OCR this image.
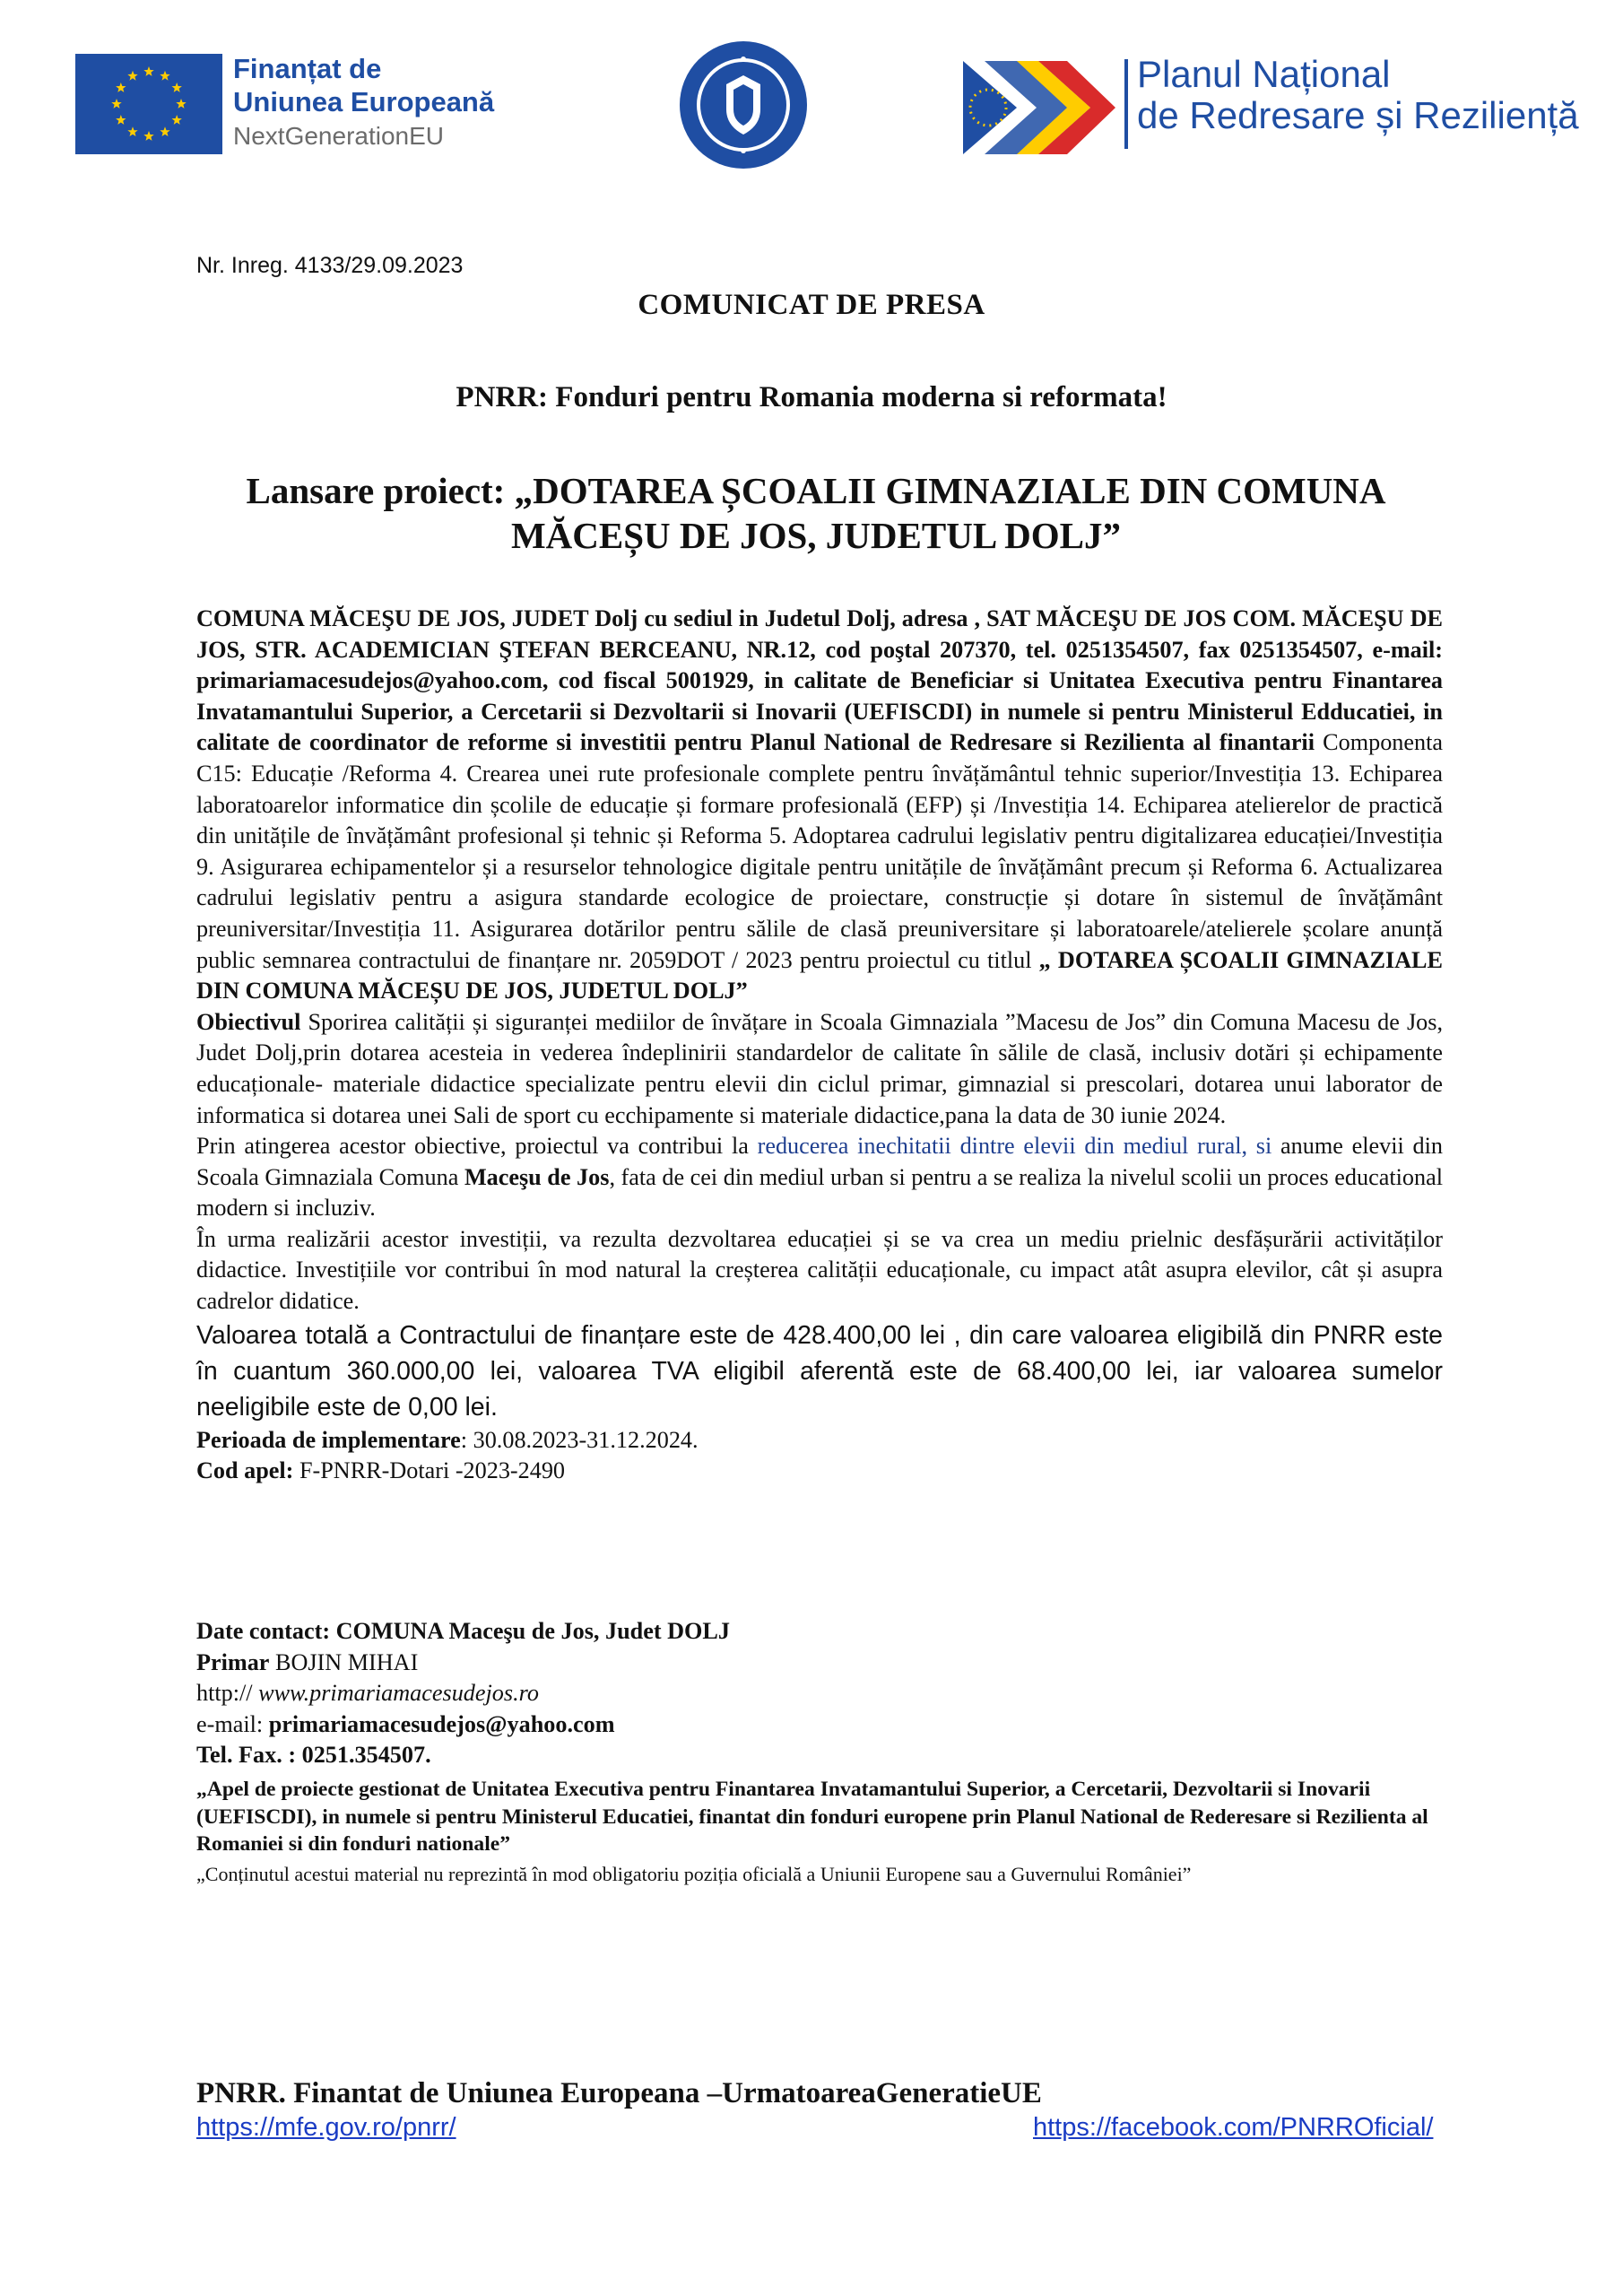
Finanțat de
Uniunea Europeană
NextGenerationEU
Planul Național
de Redresare și Reziliență
Nr. Inreg. 4133/29.09.2023
COMUNICAT DE PRESA
PNRR: Fonduri pentru Romania moderna si reformata!
Lansare proiect: „DOTAREA ȘCOALII GIMNAZIALE DIN COMUNA
MĂCEȘU DE JOS, JUDETUL DOLJ”

COMUNA MĂCEŞU DE JOS, JUDET Dolj cu sediul in Judetul Dolj, adresa , SAT MĂCEŞU DE JOS COM. MĂCEŞU DE JOS, STR. ACADEMICIAN ŞTEFAN BERCEANU, NR.12, cod poştal 207370, tel. 0251354507, fax 0251354507, e-mail: primariamacesudejos@yahoo.com, cod fiscal 5001929, in calitate de Beneficiar si Unitatea Executiva pentru Finantarea Invatamantului Superior, a Cercetarii si Dezvoltarii si Inovarii (UEFISCDI) in numele si pentru Ministerul Edducatiei, in calitate de coordinator de reforme si investitii pentru Planul National de Redresare si Rezilienta al finantarii Componenta C15: Educație /Reforma 4. Crearea unei rute profesionale complete pentru învățământul tehnic superior/Investiția 13. Echiparea laboratoarelor informatice din școlile de educație și formare profesională (EFP) și /Investiția 14. Echiparea atelierelor de practică din unitățile de învățământ profesional și tehnic și Reforma 5. Adoptarea cadrului legislativ pentru digitalizarea educației/Investiția 9. Asigurarea echipamentelor și a resurselor tehnologice digitale pentru unitățile de învățământ precum și Reforma 6. Actualizarea cadrului legislativ pentru a asigura standarde ecologice de proiectare, construcție și dotare în sistemul de învățământ preuniversitar/Investiția 11. Asigurarea dotărilor pentru sălile de clasă preuniversitare și laboratoarele/atelierele școlare anunță public semnarea contractului de finanțare nr. 2059DOT / 2023 pentru proiectul cu titlul „ DOTAREA ȘCOALII GIMNAZIALE DIN COMUNA MĂCEȘU DE JOS, JUDETUL DOLJ”

Obiectivul Sporirea calității și siguranței mediilor de învățare in Scoala Gimnaziala ”Macesu de Jos” din Comuna Macesu de Jos, Judet Dolj,prin dotarea acesteia in vederea îndeplinirii standardelor de calitate în sălile de clasă, inclusiv dotări și echipamente educaționale- materiale didactice specializate pentru elevii din ciclul primar, gimnazial si prescolari, dotarea unui laborator de informatica si dotarea unei Sali de sport cu ecchipamente si materiale didactice,pana la data de 30 iunie 2024.

Prin atingerea acestor obiective, proiectul va contribui la reducerea inechitatii dintre elevii din mediul rural, si anume elevii din Scoala Gimnaziala Comuna Maceşu de Jos, fata de cei din mediul urban si pentru a se realiza la nivelul scolii un proces educational modern si incluziv.

În urma realizării acestor investiții, va rezulta dezvoltarea educației și se va crea un mediu prielnic desfășurării activităților didactice. Investițiile vor contribui în mod natural la creșterea calității educaționale, cu impact atât asupra elevilor, cât și asupra cadrelor didatice.

Valoarea totală a Contractului de finanțare este de 428.400,00 lei , din care valoarea eligibilă din PNRR este în cuantum 360.000,00 lei, valoarea TVA eligibil aferentă este de 68.400,00 lei, iar valoarea sumelor neeligibile este de 0,00 lei.

Perioada de implementare: 30.08.2023-31.12.2024.

Cod apel: F-PNRR-Dotari -2023-2490

Date contact: COMUNA Maceşu de Jos, Judet DOLJ
Primar BOJIN MIHAI
http:// www.primariamacesudejos.ro
e-mail: primariamacesudejos@yahoo.com
Tel. Fax. : 0251.354507.
„Apel de proiecte gestionat de Unitatea Executiva pentru Finantarea Invatamantului Superior, a Cercetarii, Dezvoltarii si Inovarii (UEFISCDI), in numele si pentru Ministerul Educatiei, finantat din fonduri europene prin Planul National de Rederesare si Rezilienta al Romaniei si din fonduri nationale”
„Conținutul acestui material nu reprezintă în mod obligatoriu poziția oficială a Uniunii Europene sau a Guvernului României”
PNRR. Finantat de Uniunea Europeana –UrmatoareaGeneratieUE
https://mfe.gov.ro/pnrr/	https://facebook.com/PNRROficial/
